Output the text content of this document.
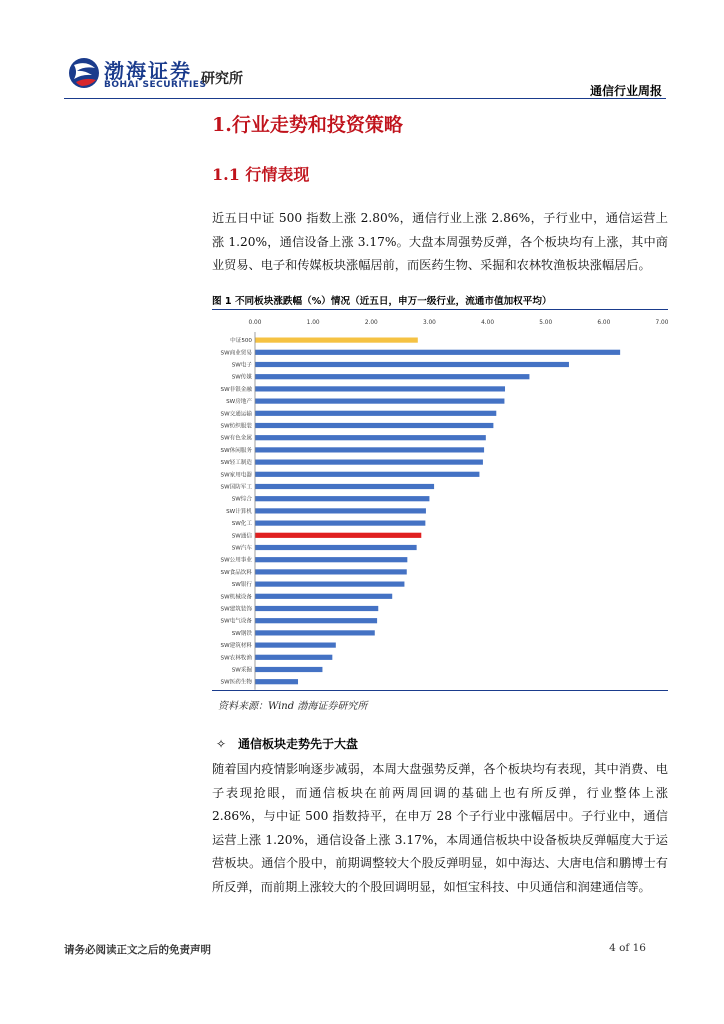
渤海证券
BOHAI SECURITIES
研究所
通信行业周报
1.行业走势和投资策略
1.1 行情表现
近五日中证 500 指数上涨 2.80%，通信行业上涨 2.86%，子行业中，通信运营上涨 1.20%，通信设备上涨 3.17%。大盘本周强势反弹，各个板块均有上涨，其中商业贸易、电子和传媒板块涨幅居前，而医药生物、采掘和农林牧渔板块涨幅居后。
图 1 不同板块涨跌幅（%）情况（近五日，申万一级行业，流通市值加权平均）
0.00	1.00	2.00	3.00	4.00	5.00	6.00	7.00
中证500
SW商业贸易
SW电子
SW传媒
SW非银金融
SW房地产
SW交通运输
SW纺织服装
SW有色金属
SW休闲服务
SW轻工制造
SW家用电器
SW国防军工
SW综合
SW计算机
SW化工
SW通信
SW汽车
SW公用事业
SW食品饮料
SW银行
SW机械设备
SW建筑装饰
SW电气设备
SW钢铁
SW建筑材料
SW农林牧渔
SW采掘
SW医药生物
资料来源：Wind 渤海证券研究所
✧ 通信板块走势先于大盘
随着国内疫情影响逐步减弱，本周大盘强势反弹，各个板块均有表现，其中消费、电子表现抢眼，而通信板块在前两周回调的基础上也有所反弹，行业整体上涨 2.86%，与中证 500 指数持平，在申万 28 个子行业中涨幅居中。子行业中，通信运营上涨 1.20%，通信设备上涨 3.17%，本周通信板块中设备板块反弹幅度大于运营板块。通信个股中，前期调整较大个股反弹明显，如中海达、大唐电信和鹏博士有所反弹，而前期上涨较大的个股回调明显，如恒宝科技、中贝通信和润建通信等。
请务必阅读正文之后的免责声明	4 of 16
